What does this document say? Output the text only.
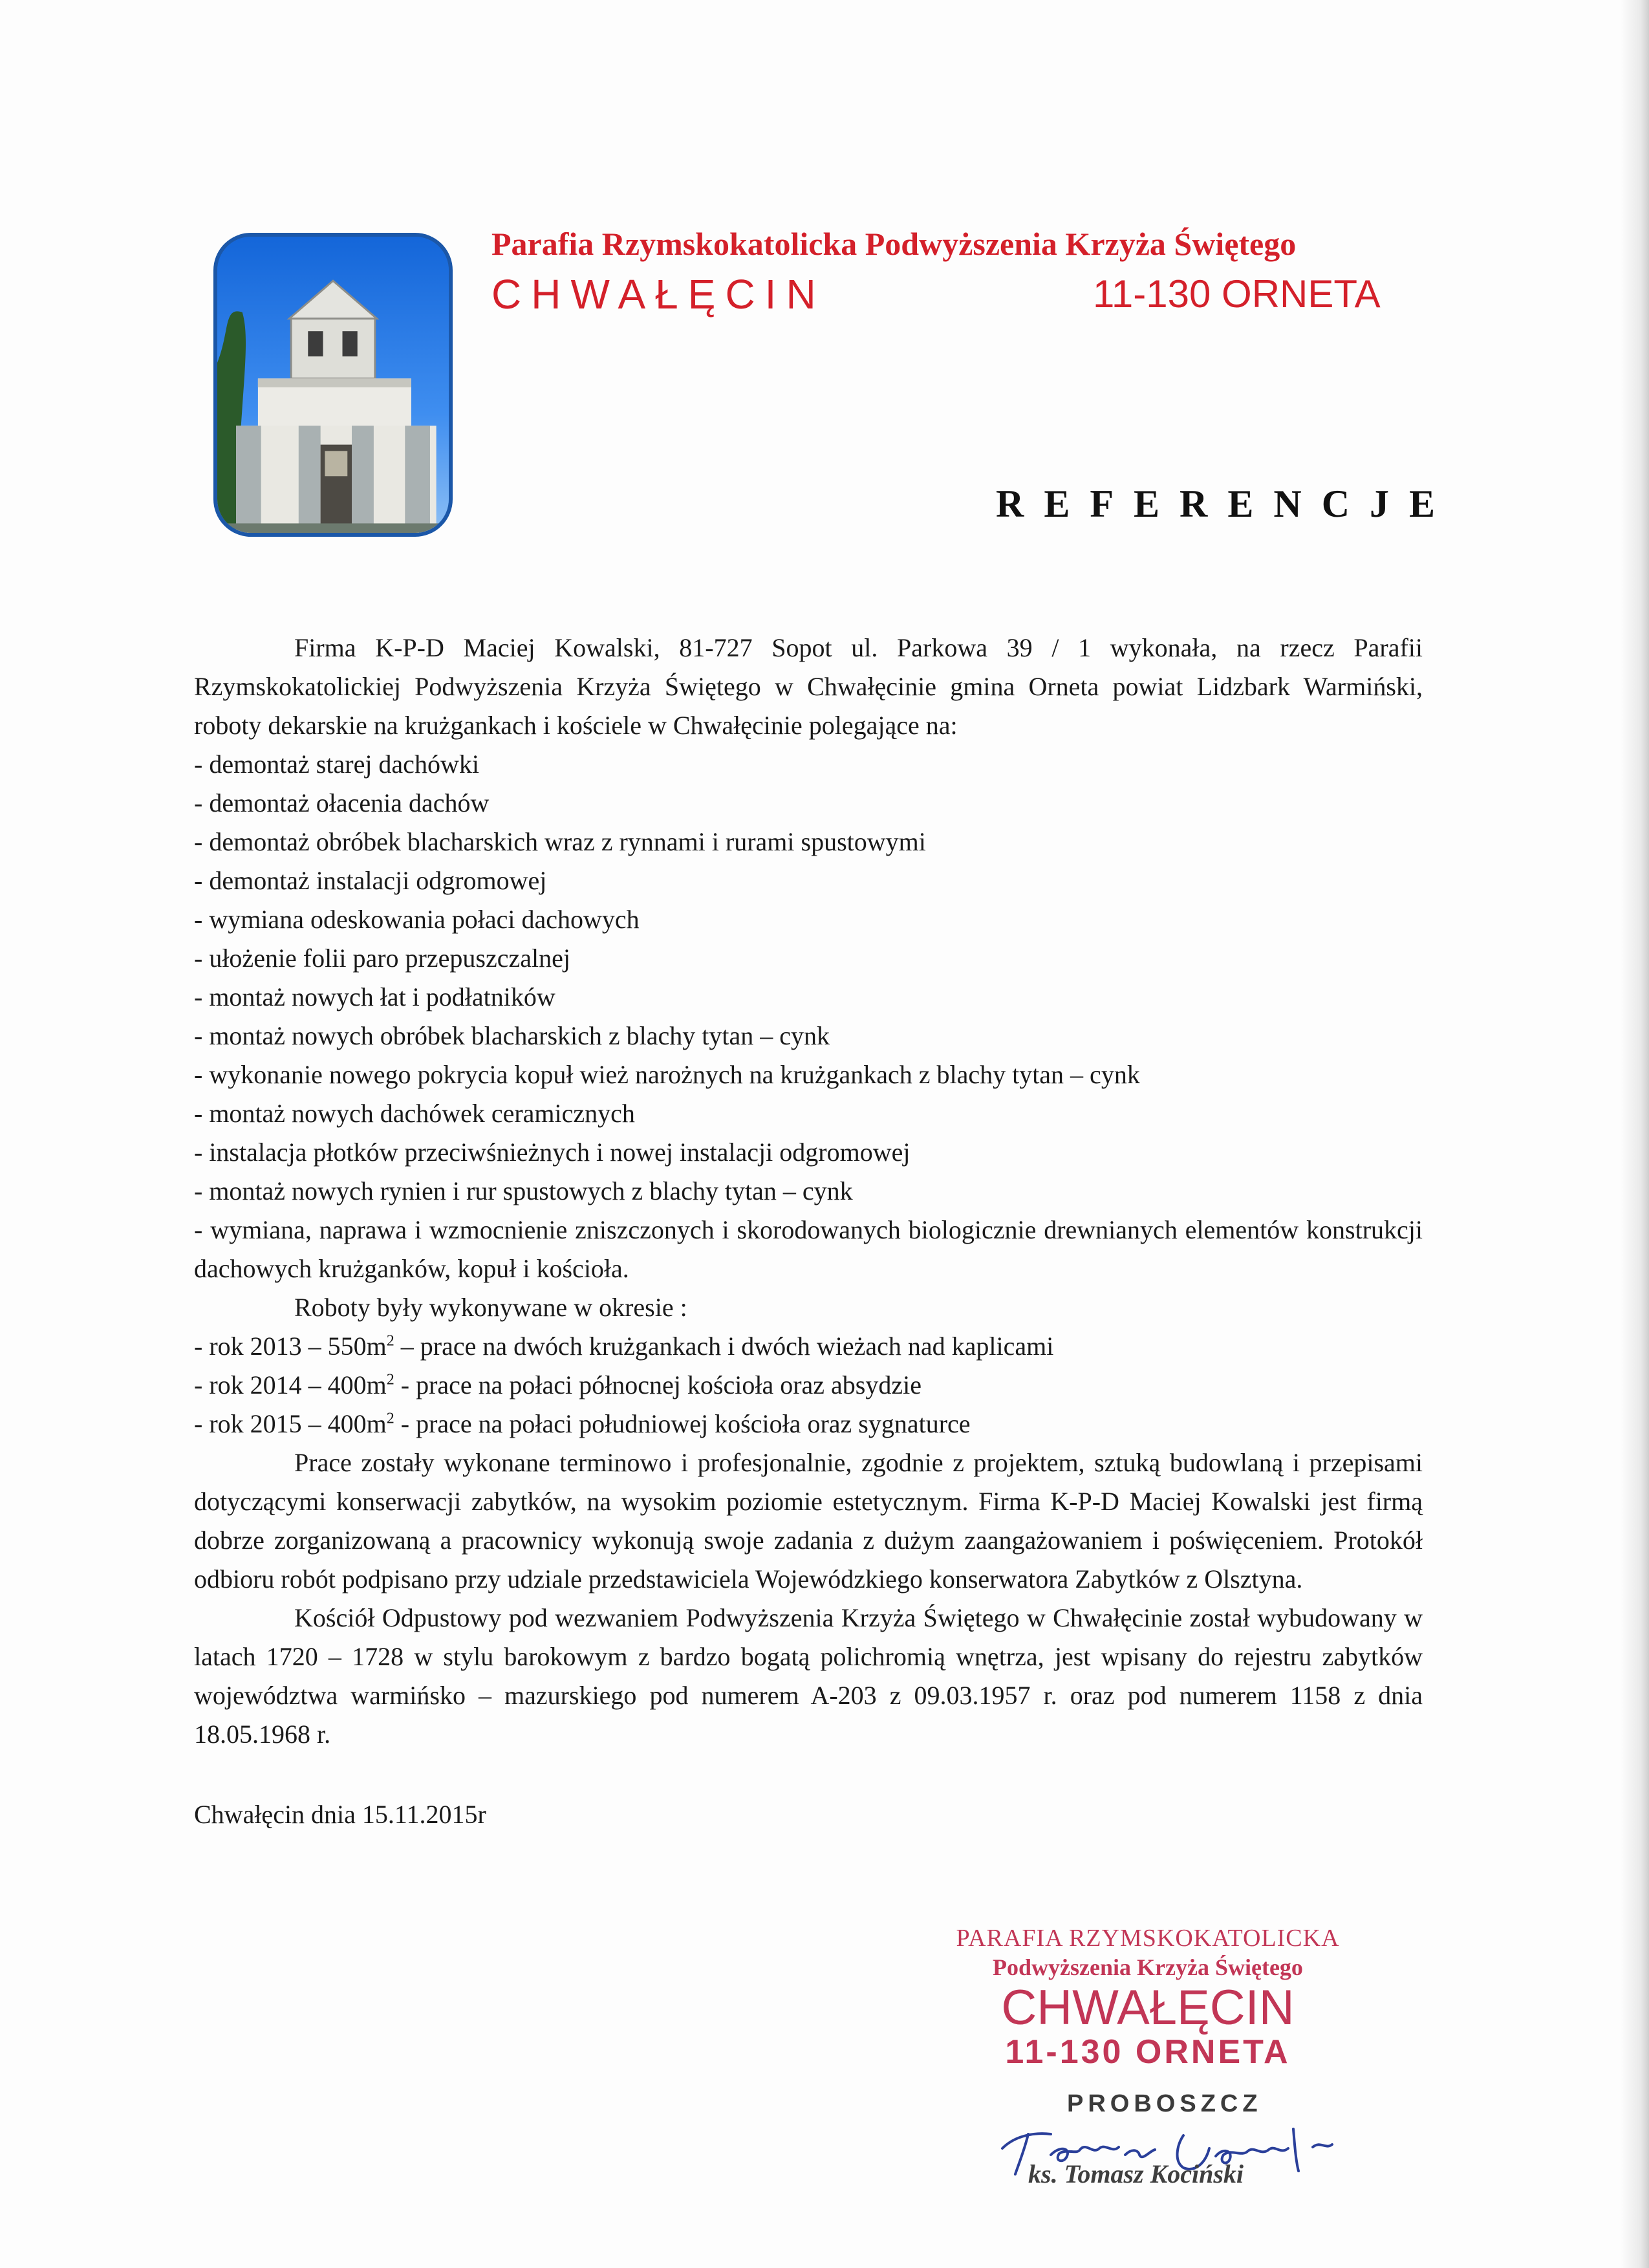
Parafia Rzymskokatolicka Podwyższenia Krzyża Świętego
CHWAŁĘCIN	11-130 ORNETA
REFERENCJE

Firma K-P-D Maciej Kowalski, 81-727 Sopot ul. Parkowa 39 / 1 wykonała, na rzecz Parafii Rzymskokatolickiej Podwyższenia Krzyża Świętego w Chwałęcinie gmina Orneta powiat Lidzbark Warmiński, roboty dekarskie na krużgankach i kościele w Chwałęcinie polegające na:

- demontaż starej dachówki

- demontaż ołacenia dachów

- demontaż obróbek blacharskich wraz z rynnami i rurami spustowymi

- demontaż instalacji odgromowej

- wymiana odeskowania połaci dachowych

- ułożenie folii paro przepuszczalnej

- montaż nowych łat i podłatników

- montaż nowych obróbek blacharskich z blachy tytan – cynk

- wykonanie nowego pokrycia kopuł wież narożnych na krużgankach z blachy tytan – cynk

- montaż nowych dachówek ceramicznych

- instalacja płotków przeciwśnieżnych i nowej instalacji odgromowej

- montaż nowych rynien i rur spustowych z blachy tytan – cynk

- wymiana, naprawa i wzmocnienie zniszczonych i skorodowanych biologicznie drewnianych elementów konstrukcji dachowych krużganków, kopuł i kościoła.

Roboty były wykonywane w okresie :

- rok $2013 - 550m^2$ – prace na dwóch krużgankach i dwóch wieżach nad kaplicami

- rok $2014 - 400m^2$ - prace na połaci północnej kościoła oraz absydzie

- rok $2015 - 400m^2$ - prace na połaci południowej kościoła oraz sygnaturce

Prace zostały wykonane terminowo i profesjonalnie, zgodnie z projektem, sztuką budowlaną i przepisami dotyczącymi konserwacji zabytków, na wysokim poziomie estetycznym. Firma K-P-D Maciej Kowalski jest firmą dobrze zorganizowaną a pracownicy wykonują swoje zadania z dużym zaangażowaniem i poświęceniem. Protokół odbioru robót podpisano przy udziale przedstawiciela Wojewódzkiego konserwatora Zabytków z Olsztyna.

Kościół Odpustowy pod wezwaniem Podwyższenia Krzyża Świętego w Chwałęcinie został wybudowany w latach 1720 – 1728 w stylu barokowym z bardzo bogatą polichromią wnętrza, jest wpisany do rejestru zabytków województwa warmińsko – mazurskiego pod numerem A-203 z 09.03.1957 r. oraz pod numerem 1158 z dnia 18.05.1968 r.

Chwałęcin dnia 15.11.2015r

PARAFIA RZYMSKOKATOLICKA
Podwyższenia Krzyża Świętego
CHWAŁĘCIN
11-130 ORNETA
PROBOSZCZ
ks. Tomasz Kociński
